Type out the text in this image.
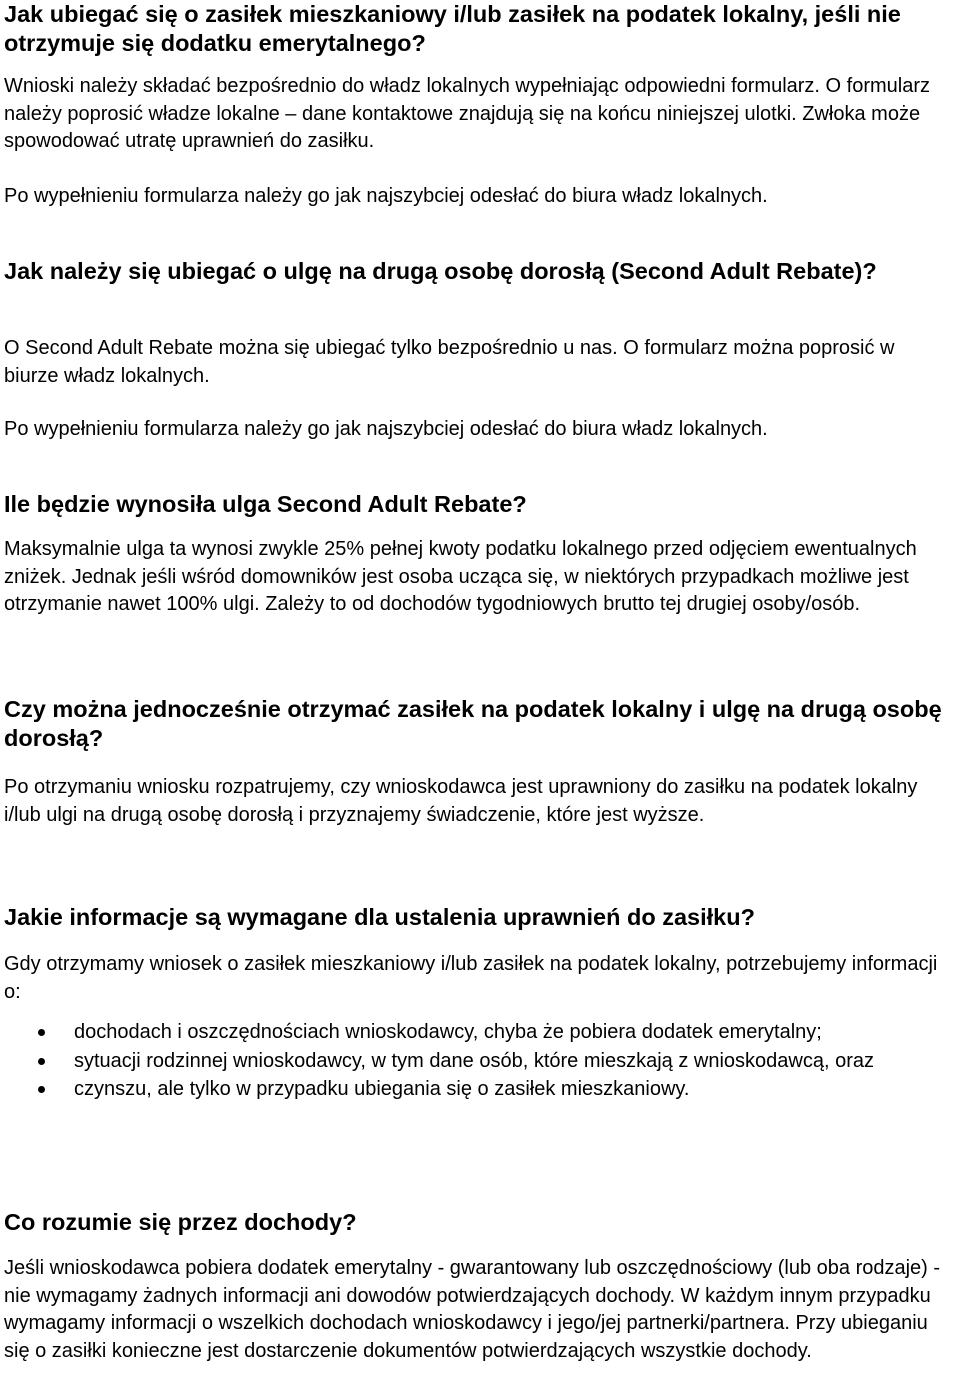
Jak ubiegać się o zasiłek mieszkaniowy i/lub zasiłek na podatek lokalny, jeśli nie otrzymuje się dodatku emerytalnego?

Wnioski należy składać bezpośrednio do władz lokalnych wypełniając odpowiedni formularz. O formularz należy poprosić władze lokalne – dane kontaktowe znajdują się na końcu niniejszej ulotki. Zwłoka może spowodować utratę uprawnień do zasiłku.

Po wypełnieniu formularza należy go jak najszybciej odesłać do biura władz lokalnych.

Jak należy się ubiegać o ulgę na drugą osobę dorosłą (Second Adult Rebate)?

O Second Adult Rebate można się ubiegać tylko bezpośrednio u nas. O formularz można poprosić w biurze władz lokalnych.

Po wypełnieniu formularza należy go jak najszybciej odesłać do biura władz lokalnych.

Ile będzie wynosiła ulga Second Adult Rebate?

Maksymalnie ulga ta wynosi zwykle 25% pełnej kwoty podatku lokalnego przed odjęciem ewentualnych zniżek. Jednak jeśli wśród domowników jest osoba ucząca się, w niektórych przypadkach możliwe jest otrzymanie nawet 100% ulgi. Zależy to od dochodów tygodniowych brutto tej drugiej osoby/osób.

Czy można jednocześnie otrzymać zasiłek na podatek lokalny i ulgę na drugą osobę dorosłą?

Po otrzymaniu wniosku rozpatrujemy, czy wnioskodawca jest uprawniony do zasiłku na podatek lokalny i/lub ulgi na drugą osobę dorosłą i przyznajemy świadczenie, które jest wyższe.

Jakie informacje są wymagane dla ustalenia uprawnień do zasiłku?

Gdy otrzymamy wniosek o zasiłek mieszkaniowy i/lub zasiłek na podatek lokalny, potrzebujemy informacji o:

dochodach i oszczędnościach wnioskodawcy, chyba że pobiera dodatek emerytalny;
sytuacji rodzinnej wnioskodawcy, w tym dane osób, które mieszkają z wnioskodawcą, oraz
czynszu, ale tylko w przypadku ubiegania się o zasiłek mieszkaniowy.
Co rozumie się przez dochody?

Jeśli wnioskodawca pobiera dodatek emerytalny - gwarantowany lub oszczędnościowy (lub oba rodzaje) - nie wymagamy żadnych informacji ani dowodów potwierdzających dochody. W każdym innym przypadku wymagamy informacji o wszelkich dochodach wnioskodawcy i jego/jej partnerki/partnera. Przy ubieganiu się o zasiłki konieczne jest dostarczenie dokumentów potwierdzających wszystkie dochody.
